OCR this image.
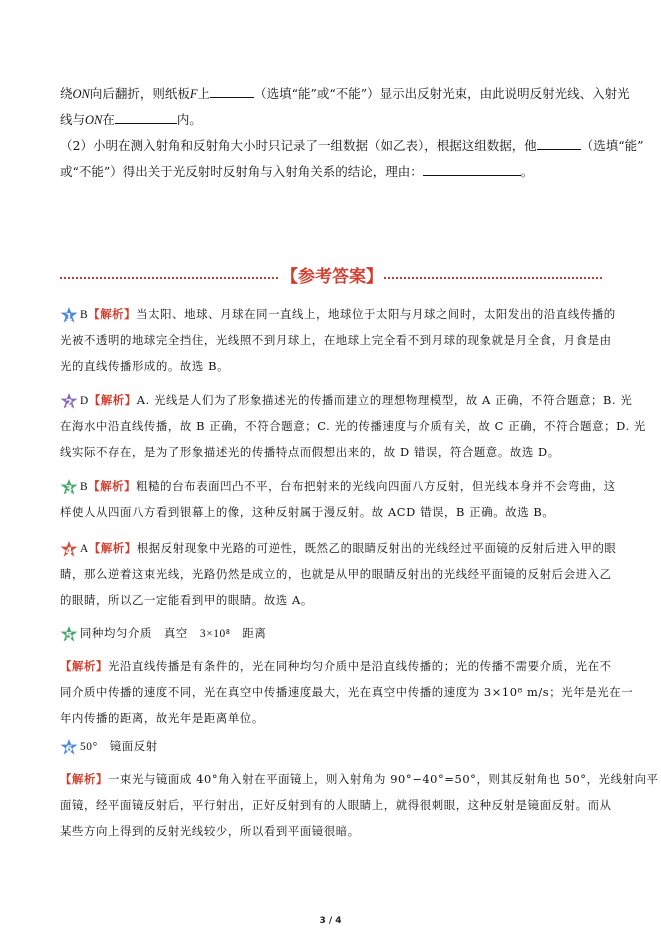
绕ON向后翻折，则纸板F上	（选填“能”或“不能”）显示出反射光束，由此说明反射光线、入射光
线与ON在	内。
（2）小明在测入射角和反射角大小时只记录了一组数据（如乙表），根据这组数据，他	（选填“能”
或“不能”）得出关于光反射时反射角与入射角关系的结论，理由：	。
【参考答案】
1 B【解析】当太阳、地球、月球在同一直线上，地球位于太阳与月球之间时，太阳发出的沿直线传播的
光被不透明的地球完全挡住，光线照不到月球上，在地球上完全看不到月球的现象就是月全食，月食是由
光的直线传播形成的。故选 B。
2 D【解析】A. 光线是人们为了形象描述光的传播而建立的理想物理模型，故 A 正确，不符合题意；B. 光
在海水中沿直线传播，故 B 正确，不符合题意；C. 光的传播速度与介质有关，故 C 正确，不符合题意；D. 光
线实际不存在，是为了形象描述光的传播特点而假想出来的，故 D 错误，符合题意。故选 D。
3 B【解析】粗糙的台布表面凹凸不平，台布把射来的光线向四面八方反射，但光线本身并不会弯曲，这
样使人从四面八方看到银幕上的像，这种反射属于漫反射。故 ACD 错误，B 正确。故选 B。
4 A【解析】根据反射现象中光路的可逆性，既然乙的眼睛反射出的光线经过平面镜的反射后进入甲的眼
睛，那么逆着这束光线，光路仍然是成立的，也就是从甲的眼睛反射出的光线经平面镜的反射后会进入乙
的眼睛，所以乙一定能看到甲的眼睛。故选 A。
5 同种均匀介质　真空　3×10⁸　距离
【解析】光沿直线传播是有条件的，光在同种均匀介质中是沿直线传播的；光的传播不需要介质，光在不
同介质中传播的速度不同，光在真空中传播速度最大，光在真空中传播的速度为 3×10⁸ m/s；光年是光在一
年内传播的距离，故光年是距离单位。
6 50°　镜面反射
【解析】一束光与镜面成 40°角入射在平面镜上，则入射角为 90°−40°=50°，则其反射角也 50°，光线射向平
面镜，经平面镜反射后，平行射出，正好反射到有的人眼睛上，就得很刺眼，这种反射是镜面反射。而从
某些方向上得到的反射光线较少，所以看到平面镜很暗。
3 / 4
